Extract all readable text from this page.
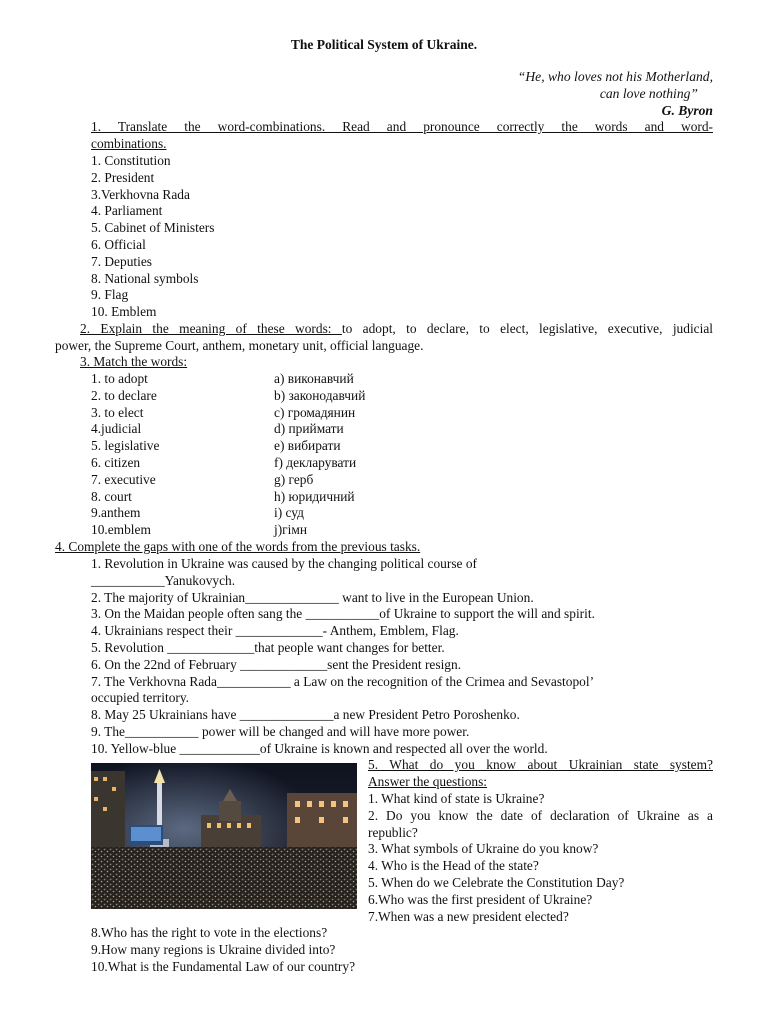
The Political System of Ukraine.
“He, who loves not his Motherland,
can love nothing”
G. Byron
1. Translate the word-combinations. Read and pronounce correctly the words and word-
combinations.
1. Constitution
2. President
3.Verkhovna Rada
4. Parliament
5. Cabinet of Ministers
6. Official
7. Deputies
8. National symbols
9. Flag
10. Emblem
2. Explain the meaning of these words: to adopt, to declare, to elect, legislative, executive, judicial
power, the Supreme Court, anthem, monetary unit, official language.
3. Match the words:
1. to adopt
2. to declare
3. to elect
4.judicial
5. legislative
6. citizen
7. executive
8. court
9.anthem
10.emblem
a) виконавчий
b) законодавчий
c) громадянин
d) приймати
e) вибирати
f) декларувати
g) герб
h) юридичний
i) суд
j)гімн
4. Complete the gaps with one of the words from the previous tasks.
1. Revolution in Ukraine was caused by the changing political course of
___________Yanukovych.
2. The majority of Ukrainian______________ want to live in the European Union.
3. On the Maidan people often sang the ___________of Ukraine to support the will and spirit.
4. Ukrainians respect their _____________- Anthem, Emblem, Flag.
5. Revolution _____________that people want changes for better.
6. On the 22nd of February _____________sent the President resign.
7. The Verkhovna Rada___________ a Law on the recognition of the Crimea and Sevastopol’
occupied territory.
8. May 25 Ukrainians have ______________a new President Petro Poroshenko.
9. The___________ power will be changed and will have more power.
10. Yellow-blue ____________of Ukraine is known and respected all over the world.
5. What do you know about Ukrainian state system?
Answer the questions:
1. What kind of state is Ukraine?
2. Do you know the date of declaration of Ukraine as a
republic?
3. What symbols of Ukraine do you know?
4. Who is the Head of the state?
5. When do we Celebrate the Constitution Day?
6.Who was the first president of Ukraine?
7.When was a new president elected?
8.Who has the right to vote in the elections?
9.How many regions is Ukraine divided into?
10.What is the Fundamental Law of our country?
